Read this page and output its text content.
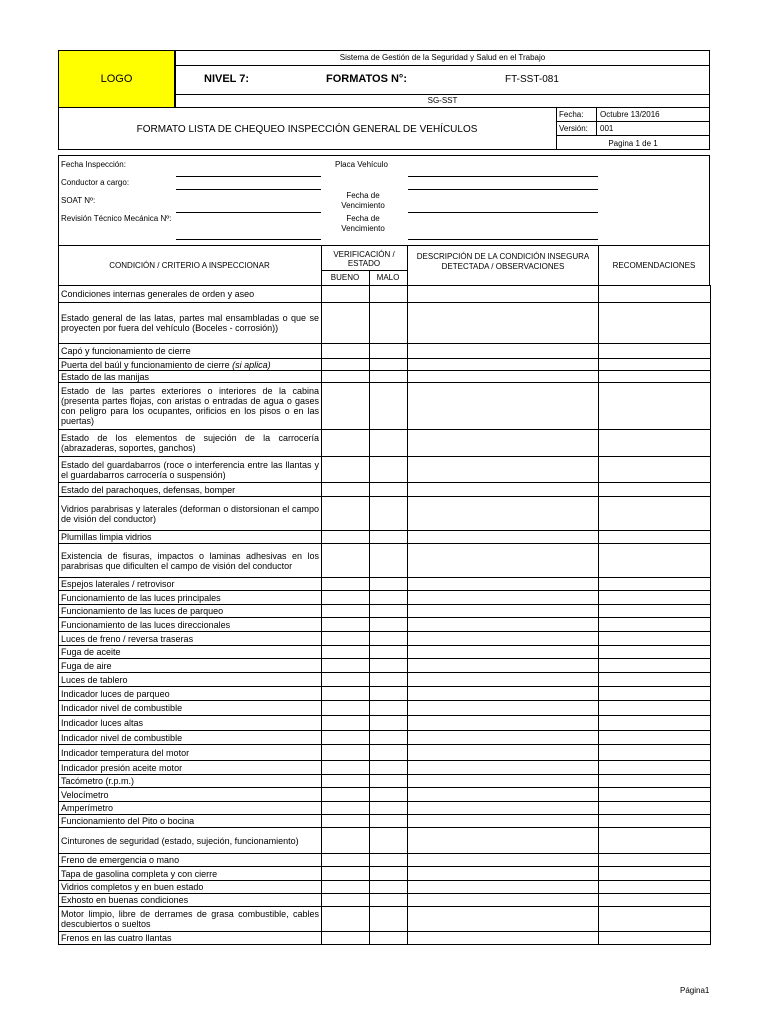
LOGO
Sistema de Gestión de la Seguridad y Salud en el Trabajo
NIVEL 7:	FORMATOS N°:	FT-SST-081
SG-SST
FORMATO LISTA DE CHEQUEO INSPECCIÓN GENERAL DE VEHÍCULOS
Fecha: Octubre 13/2016
Versión: 001
Pagina 1 de 1
Fecha Inspección:
Conductor a cargo:
SOAT Nº:
Revisión Técnico Mecánica Nº:
Placa Vehículo
Fecha de Vencimiento
Fecha de Vencimiento
CONDICIÓN / CRITERIO A INSPECCIONAR
VERIFICACIÓN / ESTADO
BUENO	MALO
DESCRIPCIÓN DE LA CONDICIÓN INSEGURA DETECTADA / OBSERVACIONES	RECOMENDACIONES
Condiciones internas generales de orden y aseo				
Estado general de las latas, partes mal ensambladas o que se proyecten por fuera del vehículo (Boceles - corrosión))				
Capó y funcionamiento de cierre				
Puerta del baúl y funcionamiento de cierre (si aplica)				
Estado de las manijas				
Estado de las partes exteriores o interiores de la cabina (presenta partes flojas, con aristas o entradas de agua o gases con peligro para los ocupantes, orificios en los pisos o en las puertas)				
Estado de los elementos de sujeción de la carrocería (abrazaderas, soportes, ganchos)				
Estado del guardabarros (roce o interferencia entre las llantas y el guardabarros carrocería o suspensión)				
Estado del parachoques, defensas, bomper				
Vidrios parabrisas y laterales (deforman o distorsionan el campo de visión del conductor)				
Plumillas limpia vidrios				
Existencia de fisuras, impactos o laminas adhesivas en los parabrisas que dificulten el campo de visión del conductor				
Espejos laterales / retrovisor				
Funcionamiento de las luces principales				
Funcionamiento de las luces de parqueo				
Funcionamiento de las luces direccionales				
Luces de freno / reversa traseras				
Fuga de aceite				
Fuga de aire				
Luces de tablero				
Indicador luces de parqueo				
Indicador nivel de combustible				
Indicador luces altas				
Indicador nivel de combustible				
Indicador temperatura del motor				
Indicador presión aceite motor				
Tacómetro (r.p.m.)				
Velocímetro				
Amperímetro				
Funcionamiento del Pito o bocina				
Cinturones de seguridad (estado, sujeción, funcionamiento)				
Freno de emergencia o mano				
Tapa de gasolina completa y con cierre				
Vidrios completos y en buen estado				
Exhosto en buenas condiciones				
Motor limpio, libre de derrames de grasa combustible, cables descubiertos o sueltos				
Frenos en las cuatro llantas				
Página1
